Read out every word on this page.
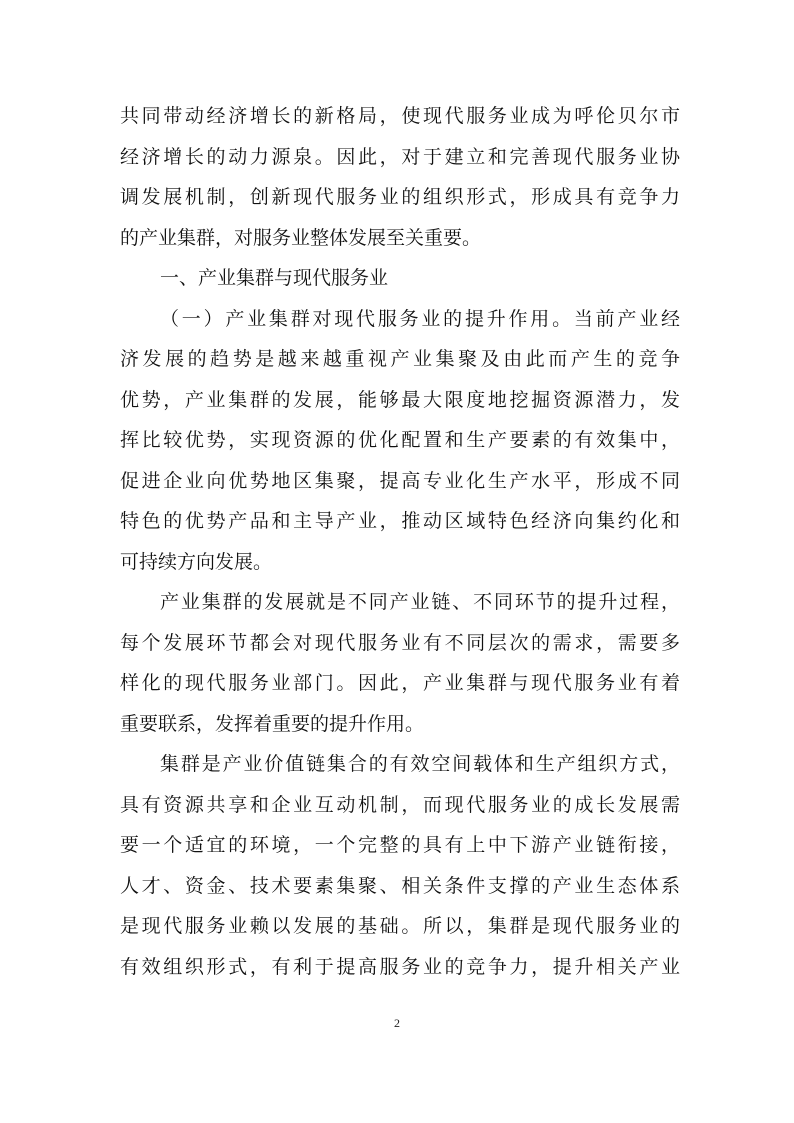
共同带动经济增长的新格局，使现代服务业成为呼伦贝尔市
经济增长的动力源泉。因此，对于建立和完善现代服务业协
调发展机制，创新现代服务业的组织形式，形成具有竞争力
的产业集群，对服务业整体发展至关重要。
一、产业集群与现代服务业
（一）产业集群对现代服务业的提升作用。当前产业经
济发展的趋势是越来越重视产业集聚及由此而产生的竞争
优势，产业集群的发展，能够最大限度地挖掘资源潜力，发
挥比较优势，实现资源的优化配置和生产要素的有效集中，
促进企业向优势地区集聚，提高专业化生产水平，形成不同
特色的优势产品和主导产业，推动区域特色经济向集约化和
可持续方向发展。
产业集群的发展就是不同产业链、不同环节的提升过程，
每个发展环节都会对现代服务业有不同层次的需求，需要多
样化的现代服务业部门。因此，产业集群与现代服务业有着
重要联系，发挥着重要的提升作用。
集群是产业价值链集合的有效空间载体和生产组织方式，
具有资源共享和企业互动机制，而现代服务业的成长发展需
要一个适宜的环境，一个完整的具有上中下游产业链衔接，
人才、资金、技术要素集聚、相关条件支撑的产业生态体系
是现代服务业赖以发展的基础。所以，集群是现代服务业的
有效组织形式，有利于提高服务业的竞争力，提升相关产业
2
